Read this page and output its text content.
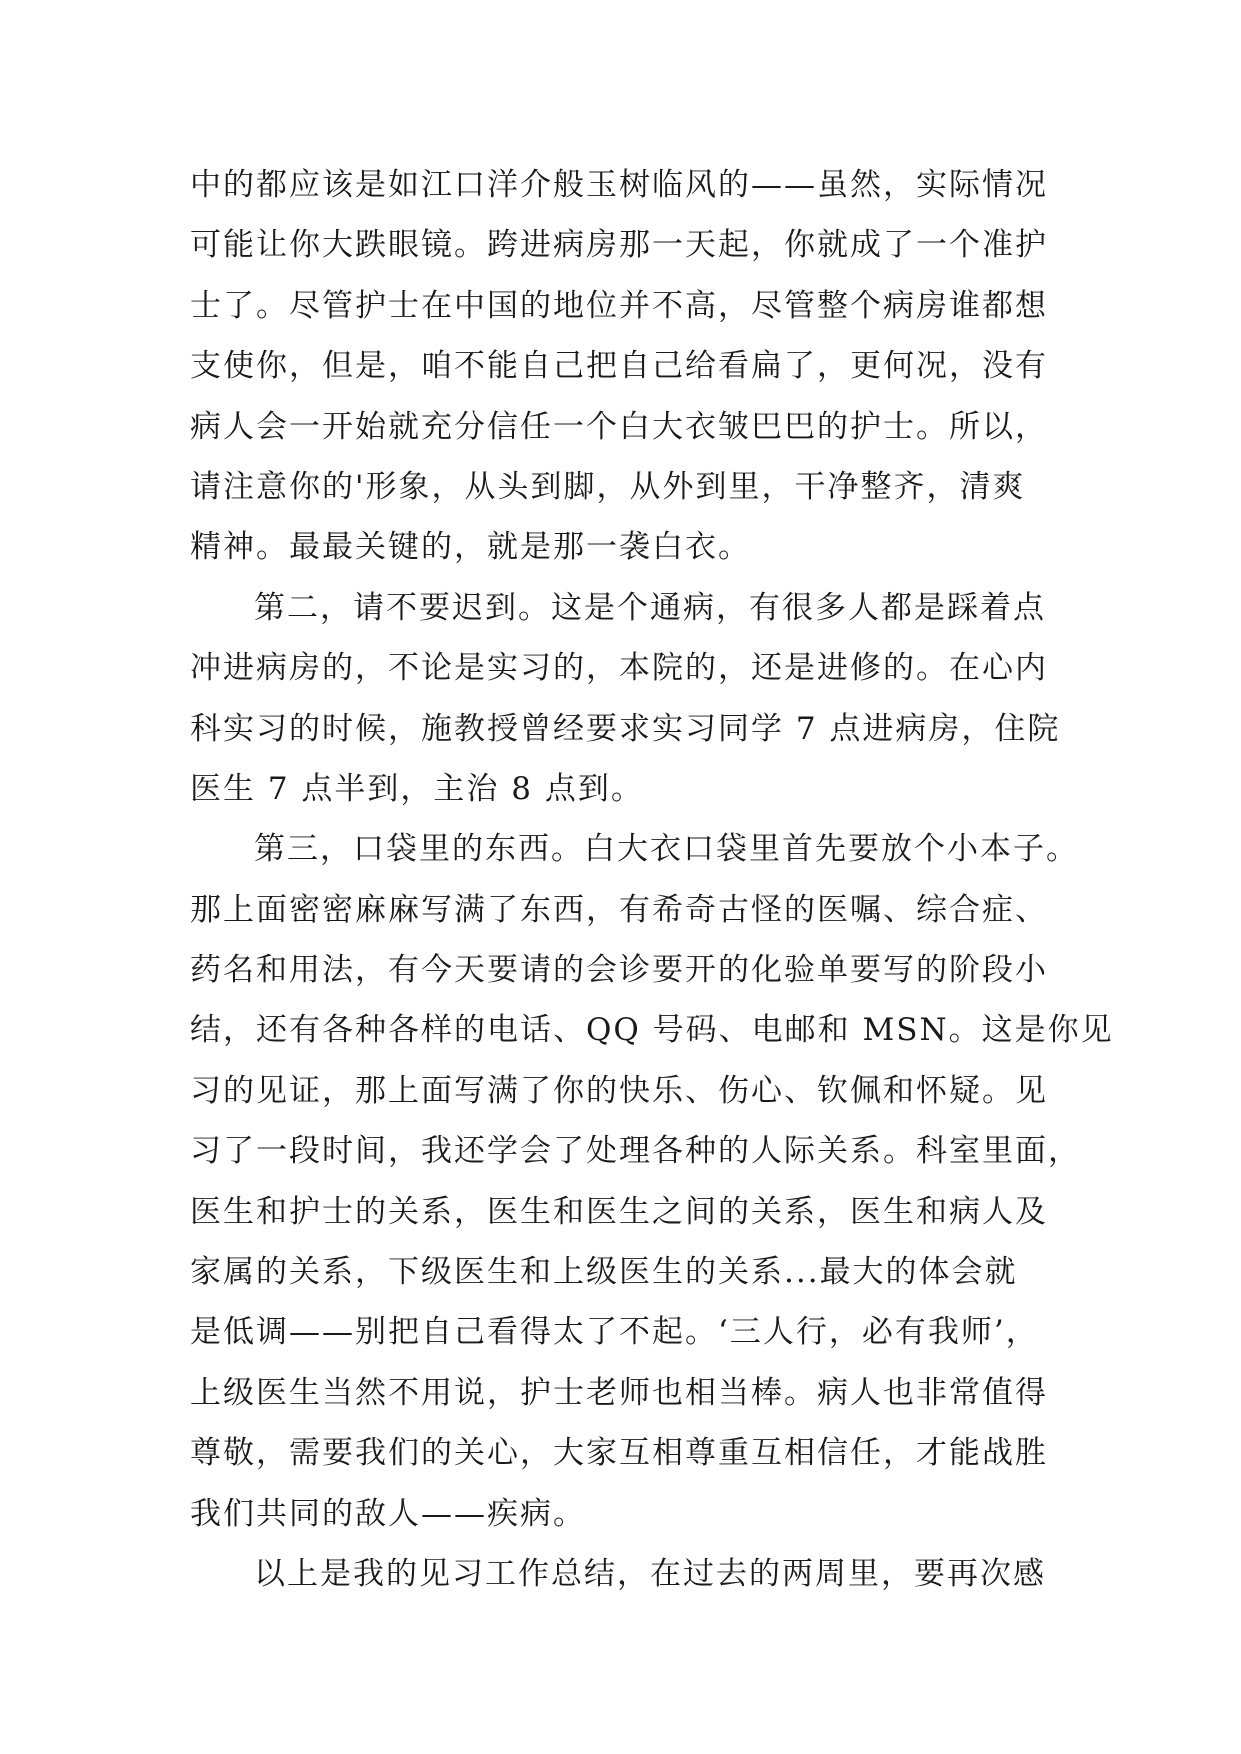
中的都应该是如江口洋介般玉树临风的——虽然，实际情况
可能让你大跌眼镜。跨进病房那一天起，你就成了一个准护
士了。尽管护士在中国的地位并不高，尽管整个病房谁都想
支使你，但是，咱不能自己把自己给看扁了，更何况，没有
病人会一开始就充分信任一个白大衣皱巴巴的护士。所以，
请注意你的'形象，从头到脚，从外到里，干净整齐，清爽
精神。最最关键的，就是那一袭白衣。
第二，请不要迟到。这是个通病，有很多人都是踩着点
冲进病房的，不论是实习的，本院的，还是进修的。在心内
科实习的时候，施教授曾经要求实习同学 7 点进病房，住院
医生 7 点半到，主治 8 点到。
第三，口袋里的东西。白大衣口袋里首先要放个小本子。
那上面密密麻麻写满了东西，有希奇古怪的医嘱、综合症、
药名和用法，有今天要请的会诊要开的化验单要写的阶段小
结，还有各种各样的电话、QQ 号码、电邮和 MSN。这是你见
习的见证，那上面写满了你的快乐、伤心、钦佩和怀疑。见
习了一段时间，我还学会了处理各种的人际关系。科室里面，
医生和护士的关系，医生和医生之间的关系，医生和病人及
家属的关系，下级医生和上级医生的关系...最大的体会就
是低调——别把自己看得太了不起。‘三人行，必有我师’，
上级医生当然不用说，护士老师也相当棒。病人也非常值得
尊敬，需要我们的关心，大家互相尊重互相信任，才能战胜
我们共同的敌人——疾病。
以上是我的见习工作总结，在过去的两周里，要再次感
